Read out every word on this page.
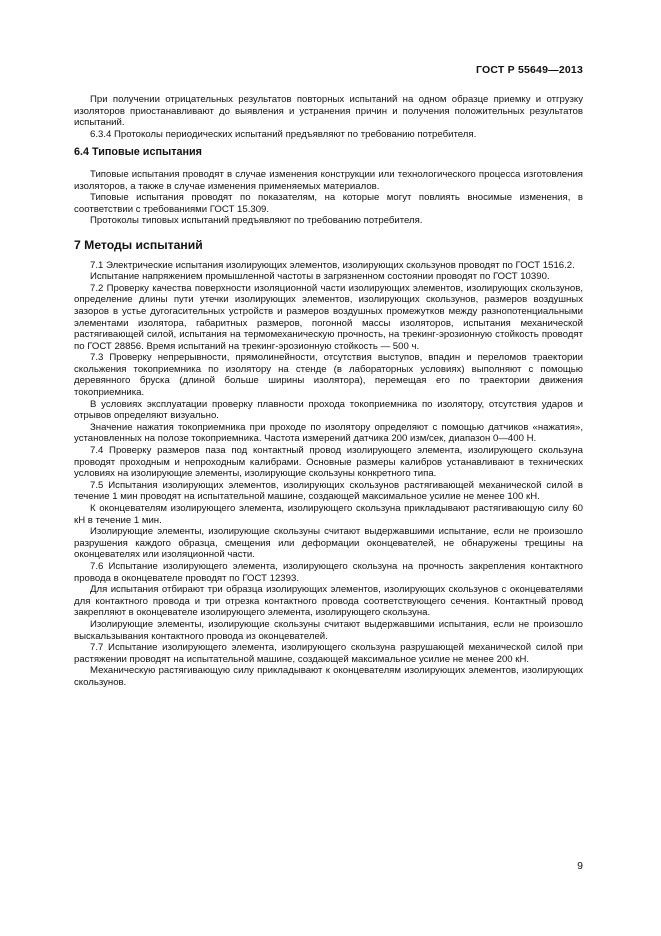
ГОСТ Р 55649—2013

При получении отрицательных результатов повторных испытаний на одном образце приемку и отгрузку изоляторов приостанавливают до выявления и устранения причин и получения положительных результатов испытаний.

6.3.4 Протоколы периодических испытаний предъявляют по требованию потребителя.

6.4 Типовые испытания

Типовые испытания проводят в случае изменения конструкции или технологического процесса изготовления изоляторов, а также в случае изменения применяемых материалов.

Типовые испытания проводят по показателям, на которые могут повлиять вносимые изменения, в соответствии с требованиями ГОСТ 15.309.

Протоколы типовых испытаний предъявляют по требованию потребителя.

7 Методы испытаний

7.1 Электрические испытания изолирующих элементов, изолирующих скользунов проводят по ГОСТ 1516.2.

Испытание напряжением промышленной частоты в загрязненном состоянии проводят по ГОСТ 10390.

7.2 Проверку качества поверхности изоляционной части изолирующих элементов, изолирующих скользунов, определение длины пути утечки изолирующих элементов, изолирующих скользунов, размеров воздушных зазоров в устье дугогасительных устройств и размеров воздушных промежутков между разнопотенциальными элементами изолятора, габаритных размеров, погонной массы изоляторов, испытания механической растягивающей силой, испытания на термомеханическую прочность, на трекинг-эрозионную стойкость проводят по ГОСТ 28856. Время испытаний на трекинг-эрозионную стойкость — 500 ч.

7.3 Проверку непрерывности, прямолинейности, отсутствия выступов, впадин и переломов траектории скольжения токоприемника по изолятору на стенде (в лабораторных условиях) выполняют с помощью деревянного бруска (длиной больше ширины изолятора), перемещая его по траектории движения токоприемника.

В условиях эксплуатации проверку плавности прохода токоприемника по изолятору, отсутствия ударов и отрывов определяют визуально.

Значение нажатия токоприемника при проходе по изолятору определяют с помощью датчиков «нажатия», установленных на полозе токоприемника. Частота измерений датчика 200 изм/сек, диапазон 0—400 Н.

7.4 Проверку размеров паза под контактный провод изолирующего элемента, изолирующего скользуна проводят проходным и непроходным калибрами. Основные размеры калибров устанавливают в технических условиях на изолирующие элементы, изолирующие скользуны конкретного типа.

7.5 Испытания изолирующих элементов, изолирующих скользунов растягивающей механической силой в течение 1 мин проводят на испытательной машине, создающей максимальное усилие не менее 100 кН.

К оконцевателям изолирующего элемента, изолирующего скользуна прикладывают растягивающую силу 60 кН в течение 1 мин.

Изолирующие элементы, изолирующие скользуны считают выдержавшими испытание, если не произошло разрушения каждого образца, смещения или деформации оконцевателей, не обнаружены трещины на оконцевателях или изоляционной части.

7.6 Испытание изолирующего элемента, изолирующего скользуна на прочность закрепления контактного провода в оконцевателе проводят по ГОСТ 12393.

Для испытания отбирают три образца изолирующих элементов, изолирующих скользунов с оконцевателями для контактного провода и три отрезка контактного провода соответствующего сечения. Контактный провод закрепляют в оконцевателе изолирующего элемента, изолирующего скользуна.

Изолирующие элементы, изолирующие скользуны считают выдержавшими испытания, если не произошло выскальзывания контактного провода из оконцевателей.

7.7 Испытание изолирующего элемента, изолирующего скользуна разрушающей механической силой при растяжении проводят на испытательной машине, создающей максимальное усилие не менее 200 кН.

Механическую растягивающую силу прикладывают к оконцевателям изолирующих элементов, изолирующих скользунов.

9
